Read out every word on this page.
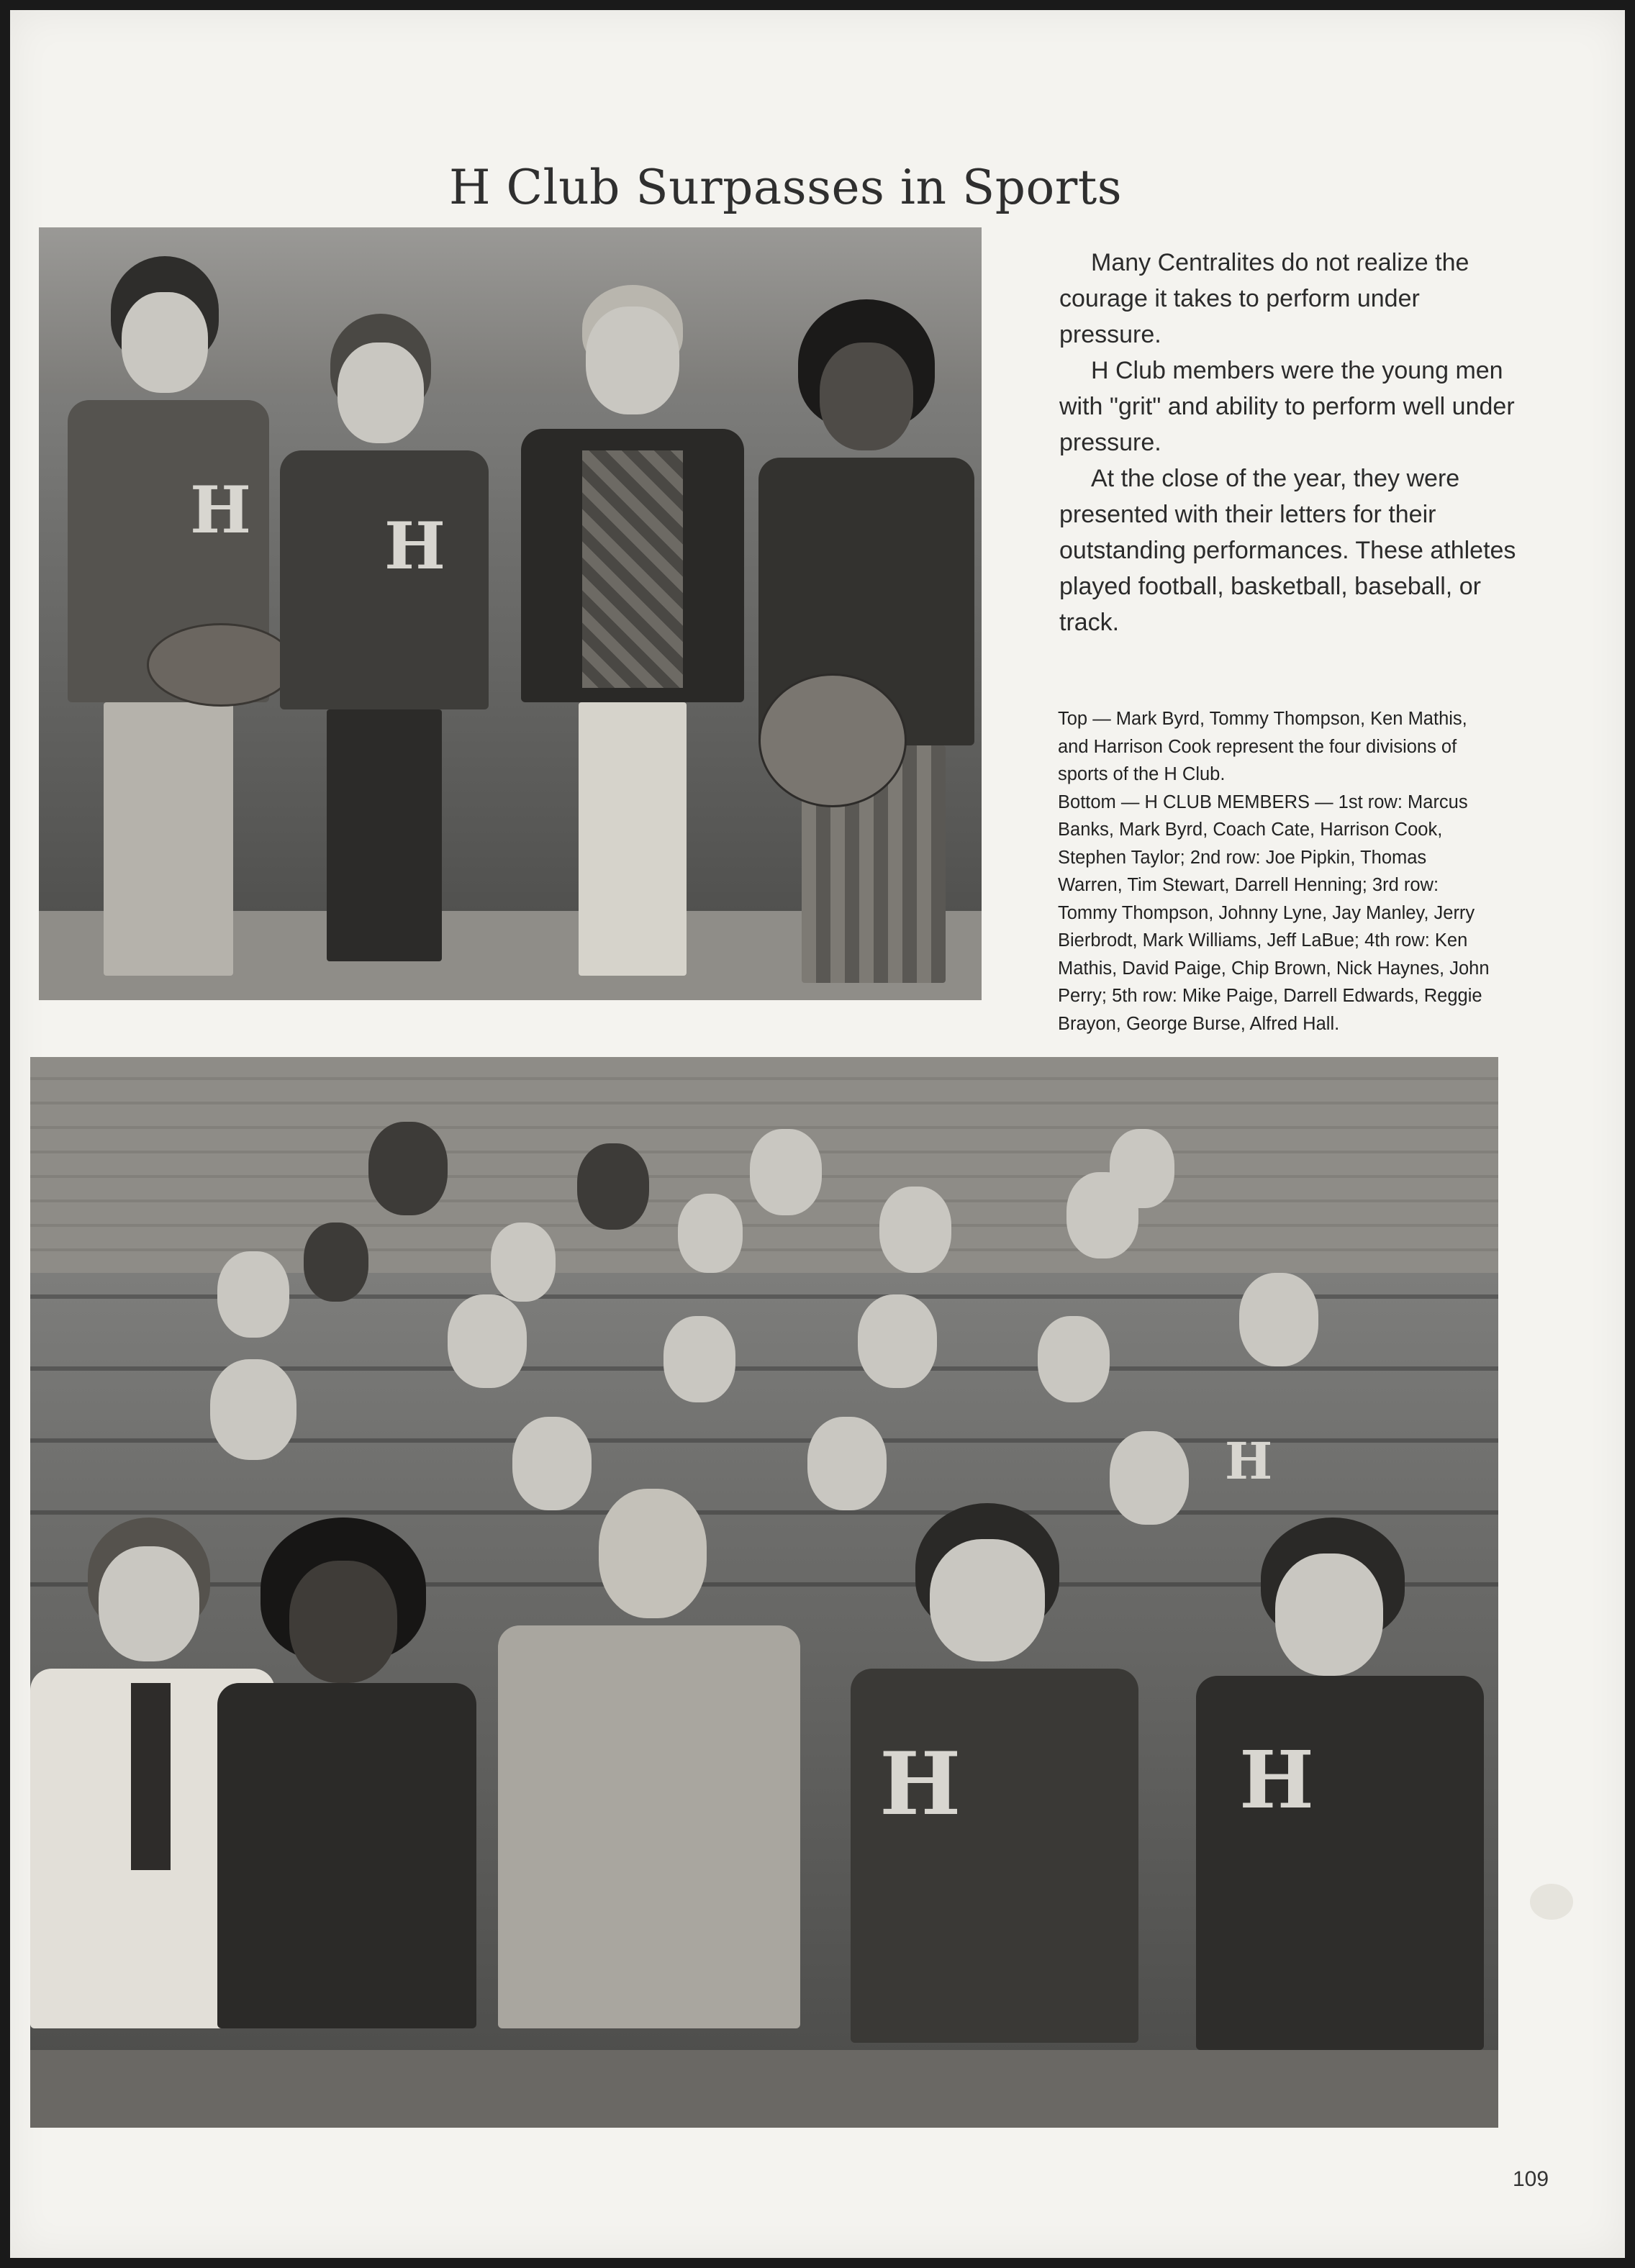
H Club Surpasses in Sports
H H

Many Centralites do not realize the courage it takes to perform under pressure.

H Club members were the young men with "grit" and ability to perform well under pressure.

At the close of the year, they were presented with their letters for their outstanding performances. These athletes played football, basketball, baseball, or track.

Top — Mark Byrd, Tommy Thompson, Ken Mathis, and Harrison Cook represent the four divisions of sports of the H Club.

Bottom — H CLUB MEMBERS — 1st row: Marcus Banks, Mark Byrd, Coach Cate, Harrison Cook, Stephen Taylor; 2nd row: Joe Pipkin, Thomas Warren, Tim Stewart, Darrell Henning; 3rd row: Tommy Thompson, Johnny Lyne, Jay Manley, Jerry Bierbrodt, Mark Williams, Jeff LaBue; 4th row: Ken Mathis, David Paige, Chip Brown, Nick Haynes, John Perry; 5th row: Mike Paige, Darrell Edwards, Reggie Brayon, George Burse, Alfred Hall.

H
H	H
109
